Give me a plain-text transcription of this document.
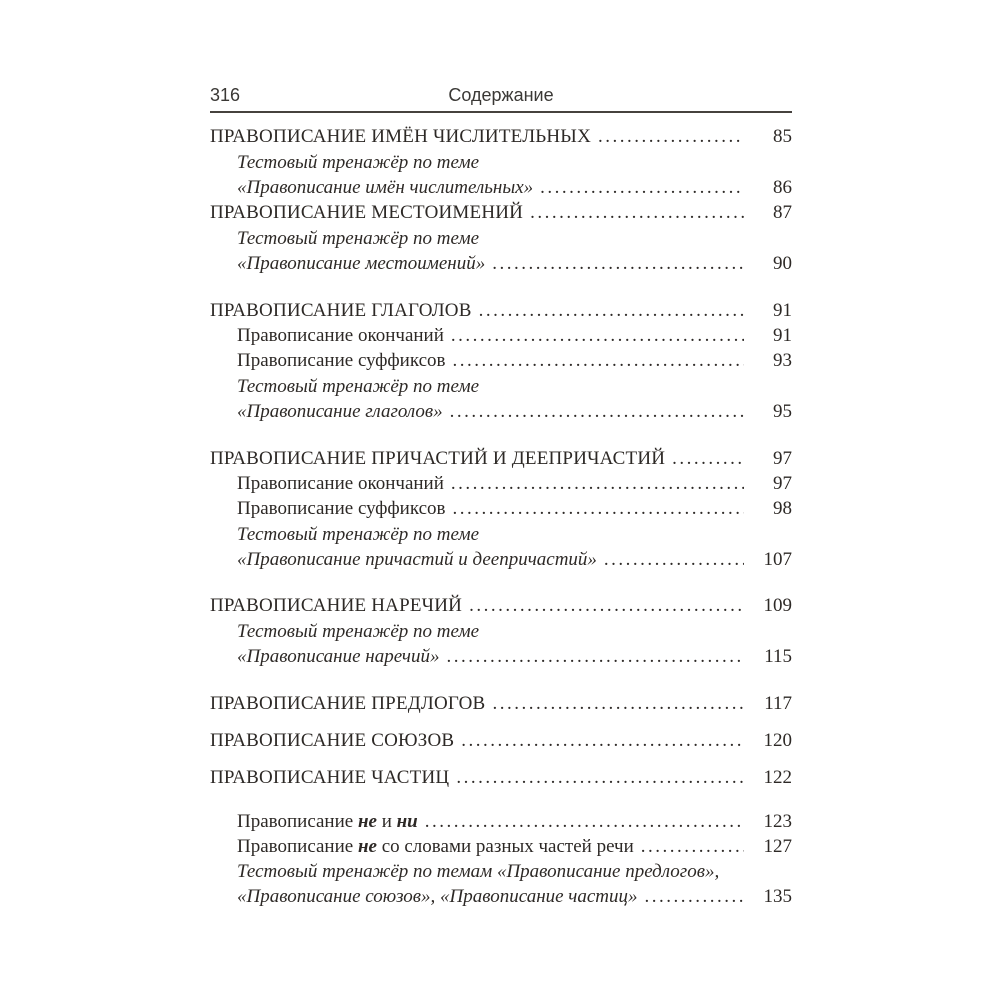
316	Содержание
ПРАВОПИСАНИЕ ИМЁН ЧИСЛИТЕЛЬНЫХ .....	85
Тестовый тренажёр по теме
«Правописание имён числительных» .....	86
ПРАВОПИСАНИЕ МЕСТОИМЕНИЙ .....	87
Тестовый тренажёр по теме
«Правописание местоимений» .....	90
ПРАВОПИСАНИЕ ГЛАГОЛОВ .....	91
Правописание окончаний .....	91
Правописание суффиксов .....	93
Тестовый тренажёр по теме
«Правописание глаголов» .....	95
ПРАВОПИСАНИЕ ПРИЧАСТИЙ И ДЕЕПРИЧАСТИЙ .....	97
Правописание окончаний .....	97
Правописание суффиксов .....	98
Тестовый тренажёр по теме
«Правописание причастий и деепричастий» .....	107
ПРАВОПИСАНИЕ НАРЕЧИЙ .....	109
Тестовый тренажёр по теме
«Правописание наречий» .....	115
ПРАВОПИСАНИЕ ПРЕДЛОГОВ .....	117
ПРАВОПИСАНИЕ СОЮЗОВ .....	120
ПРАВОПИСАНИЕ ЧАСТИЦ .....	122
Правописание не и ни .....	123
Правописание не со словами разных частей речи .....	127
Тестовый тренажёр по темам «Правописание предлогов»,
«Правописание союзов», «Правописание частиц» .....	135
